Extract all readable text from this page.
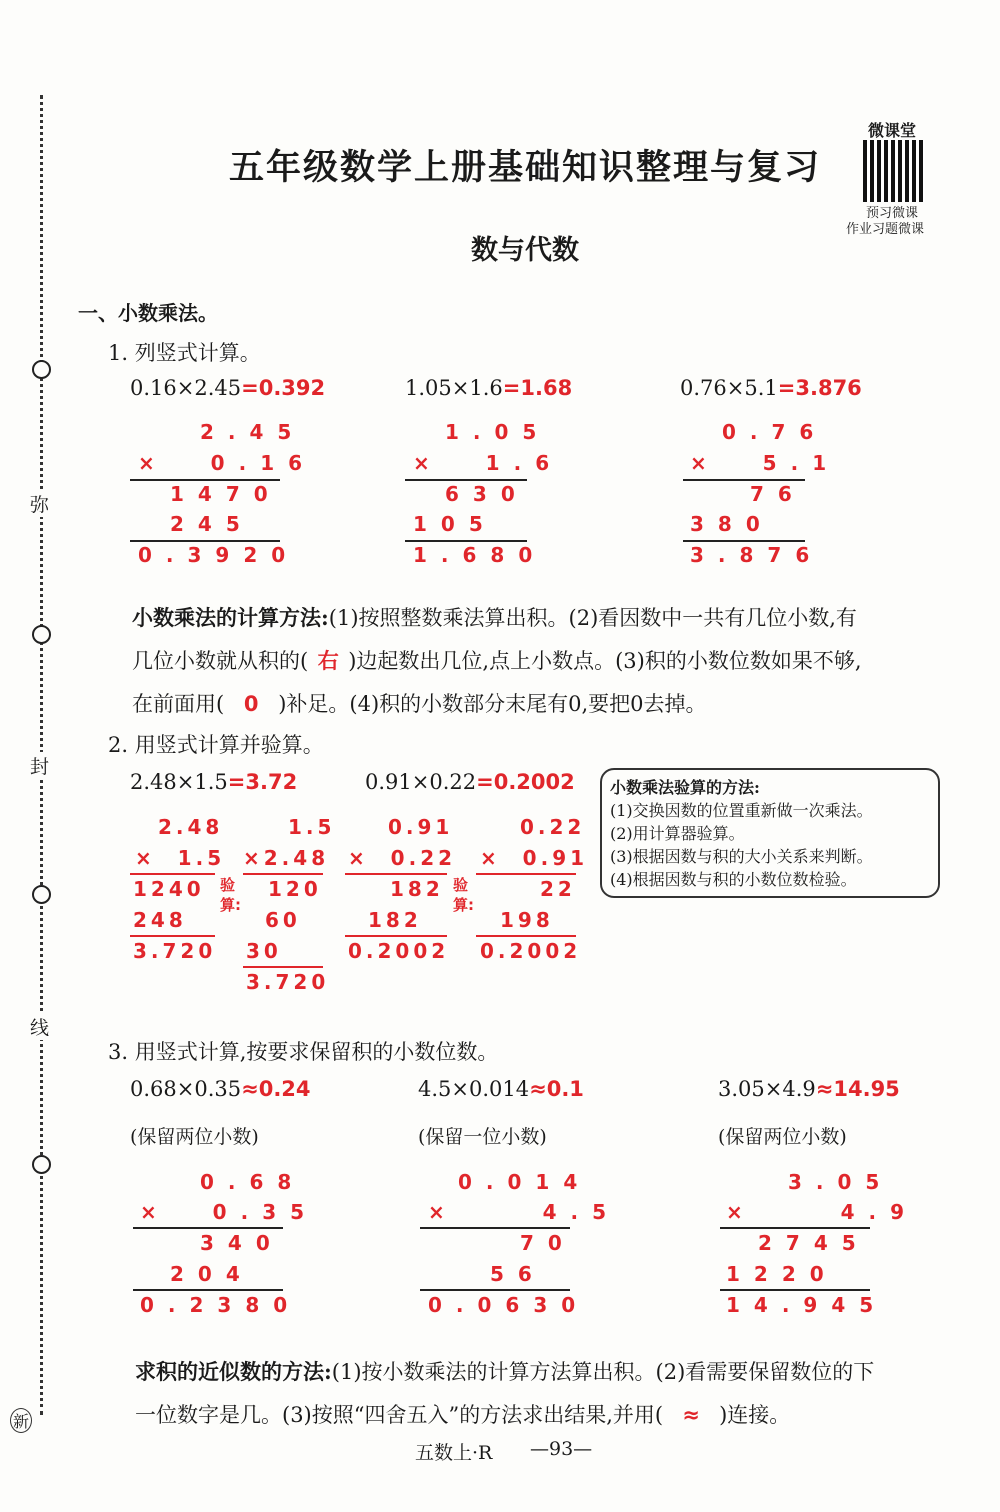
弥
封
线
新
微课堂
预习微课
作业习题微课
五年级数学上册基础知识整理与复习
数与代数
一、小数乘法。
1. 列竖式计算。
0.16×2.45=0.392	1.05×1.6=1.68	0.76×5.1=3.876
2.45
×  0.16
1470
245
0.3920
1.05
×  1.6
630
105
1.680
0.76
×  5.1
76
380
3.876
小数乘法的计算方法:(1)按照整数乘法算出积。(2)看因数中一共有几位小数,有
几位小数就从积的( 右 )边起数出几位,点上小数点。(3)积的小数位数如果不够,
在前面用( 0 )补足。(4)积的小数部分末尾有0,要把0去掉。
2. 用竖式计算并验算。
2.48×1.5=3.72	0.91×0.22=0.2002
2.48
×  1.5
1240
248
3.720
验算:
1.5
×2.48
120
60
30
3.720
0.91
×  0.22
182
182
0.2002
验算:
0.22
×  0.91
22
198
0.2002
小数乘法验算的方法:
(1)交换因数的位置重新做一次乘法。
(2)用计算器验算。
(3)根据因数与积的大小关系来判断。
(4)根据因数与积的小数位数检验。
3. 用竖式计算,按要求保留积的小数位数。
0.68×0.35≈0.24	4.5×0.014≈0.1	3.05×4.9≈14.95
(保留两位小数)	(保留一位小数)	(保留两位小数)
0.68
×  0.35
340
204
0.2380
0.014
×    4.5
70
56
0.0630
3.05
×    4.9
2745
1220
14.945
求积的近似数的方法:(1)按小数乘法的计算方法算出积。(2)看需要保留数位的下
一位数字是几。(3)按照“四舍五入”的方法求出结果,并用( ≈ )连接。
五数上·R —93—
